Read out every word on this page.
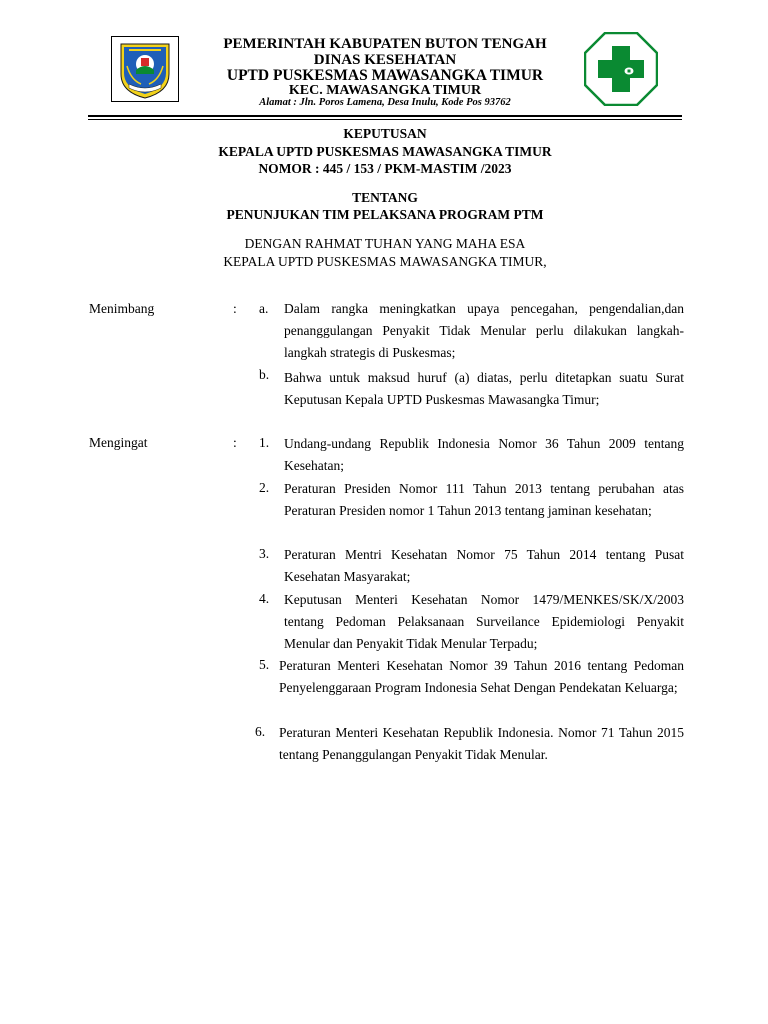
PEMERINTAH KABUPATEN BUTON TENGAH
DINAS KESEHATAN
UPTD PUSKESMAS MAWASANGKA TIMUR
KEC. MAWASANGKA TIMUR
Alamat : Jln. Poros Lamena, Desa Inulu, Kode Pos 93762
KEPUTUSAN
KEPALA UPTD PUSKESMAS MAWASANGKA TIMUR
NOMOR : 445 / 153 / PKM-MASTIM /2023
TENTANG
PENUNJUKAN TIM PELAKSANA PROGRAM PTM
DENGAN RAHMAT TUHAN YANG MAHA ESA
KEPALA UPTD PUSKESMAS MAWASANGKA TIMUR,
Menimbang	: a. Dalam rangka meningkatkan upaya pencegahan, pengendalian,dan penanggulangan Penyakit Tidak Menular perlu dilakukan langkah-langkah strategis di Puskesmas;
b. Bahwa untuk maksud huruf (a) diatas, perlu ditetapkan suatu Surat Keputusan Kepala UPTD Puskesmas Mawasangka Timur;
Mengingat	: 1. Undang-undang Republik Indonesia Nomor 36 Tahun 2009 tentang Kesehatan;
2. Peraturan Presiden Nomor 111 Tahun 2013 tentang perubahan atas Peraturan Presiden nomor 1 Tahun 2013 tentang jaminan kesehatan;
3. Peraturan Mentri Kesehatan Nomor 75 Tahun 2014 tentang Pusat Kesehatan Masyarakat;
4. Keputusan Menteri Kesehatan Nomor 1479/MENKES/SK/X/2003 tentang Pedoman Pelaksanaan Surveilance Epidemiologi Penyakit Menular dan Penyakit Tidak Menular Terpadu;
5. Peraturan Menteri Kesehatan Nomor 39 Tahun 2016 tentang Pedoman Penyelenggaraan Program Indonesia Sehat Dengan Pendekatan Keluarga;
6. Peraturan Menteri Kesehatan Republik Indonesia. Nomor 71 Tahun 2015 tentang Penanggulangan Penyakit Tidak Menular.
